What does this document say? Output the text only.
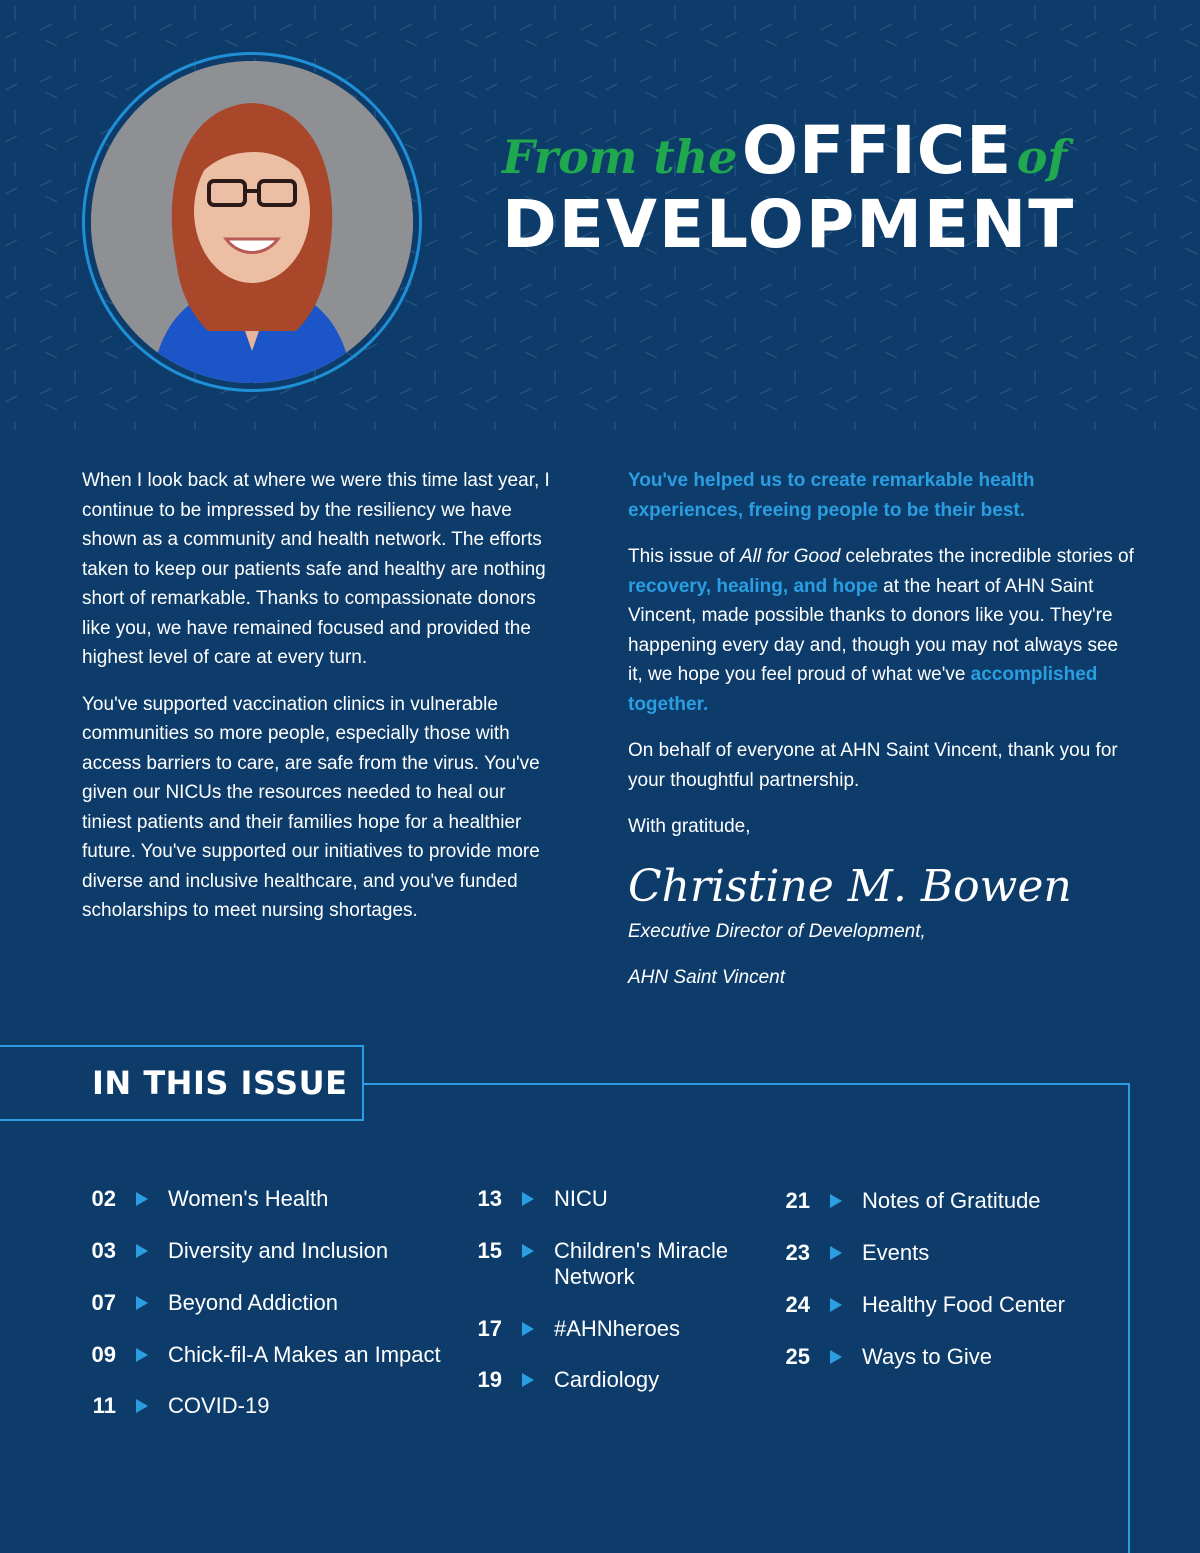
From the OFFICE of
DEVELOPMENT

When I look back at where we were this time last year, I continue to be impressed by the resiliency we have shown as a community and health network. The efforts taken to keep our patients safe and healthy are nothing short of remarkable. Thanks to compassionate donors like you, we have remained focused and provided the highest level of care at every turn.

You've supported vaccination clinics in vulnerable communities so more people, especially those with access barriers to care, are safe from the virus. You've given our NICUs the resources needed to heal our tiniest patients and their families hope for a healthier future. You've supported our initiatives to provide more diverse and inclusive healthcare, and you've funded scholarships to meet nursing shortages.

You've helped us to create remarkable health experiences, freeing people to be their best.

This issue of All for Good celebrates the incredible stories of recovery, healing, and hope at the heart of AHN Saint Vincent, made possible thanks to donors like you. They're happening every day and, though you may not always see it, we hope you feel proud of what we've accomplished together.

On behalf of everyone at AHN Saint Vincent, thank you for your thoughtful partnership.

With gratitude,

Christine M. Bowen

Executive Director of Development,

AHN Saint Vincent

IN THIS ISSUE
02 Women's Health
03 Diversity and Inclusion
07 Beyond Addiction
09 Chick-fil-A Makes an Impact
11 COVID-19
13 NICU
15 Children's Miracle Network
17 #AHNheroes
19 Cardiology
21 Notes of Gratitude
23 Events
24 Healthy Food Center
25 Ways to Give
